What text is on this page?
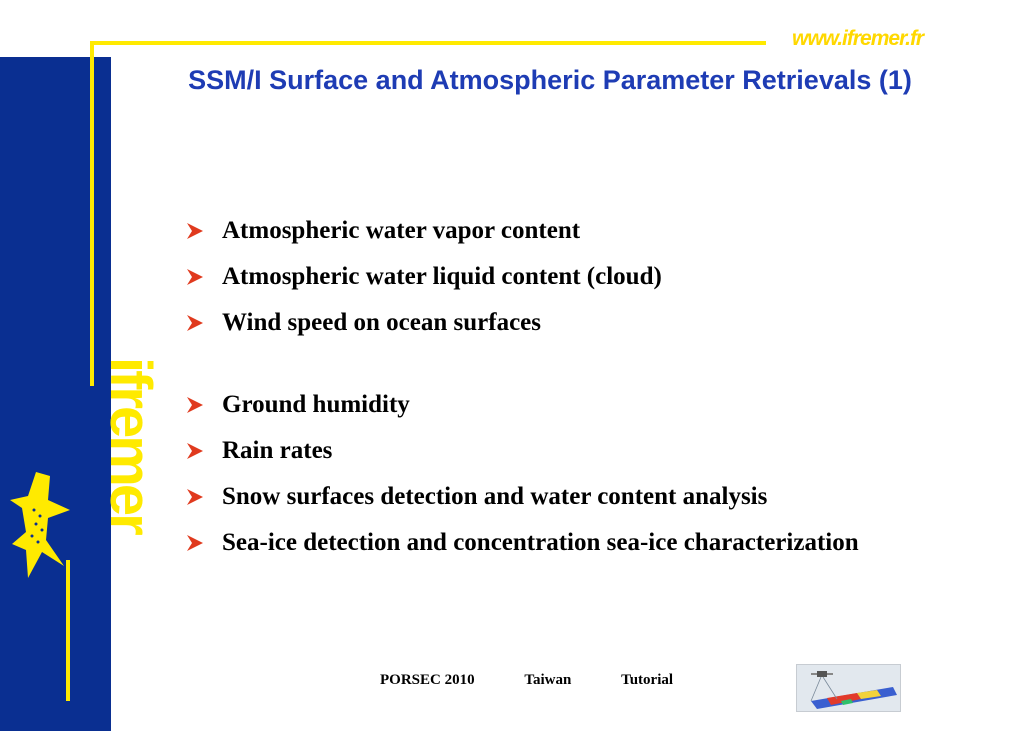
www.ifremer.fr
ifremer
SSM/I Surface and Atmospheric Parameter Retrievals (1)
Atmospheric water vapor content
Atmospheric water liquid content (cloud)
Wind speed on ocean surfaces
Ground humidity
Rain rates
Snow surfaces detection and water content analysis
Sea-ice detection and concentration sea-ice characterization
PORSEC 2010	Taiwan	Tutorial
